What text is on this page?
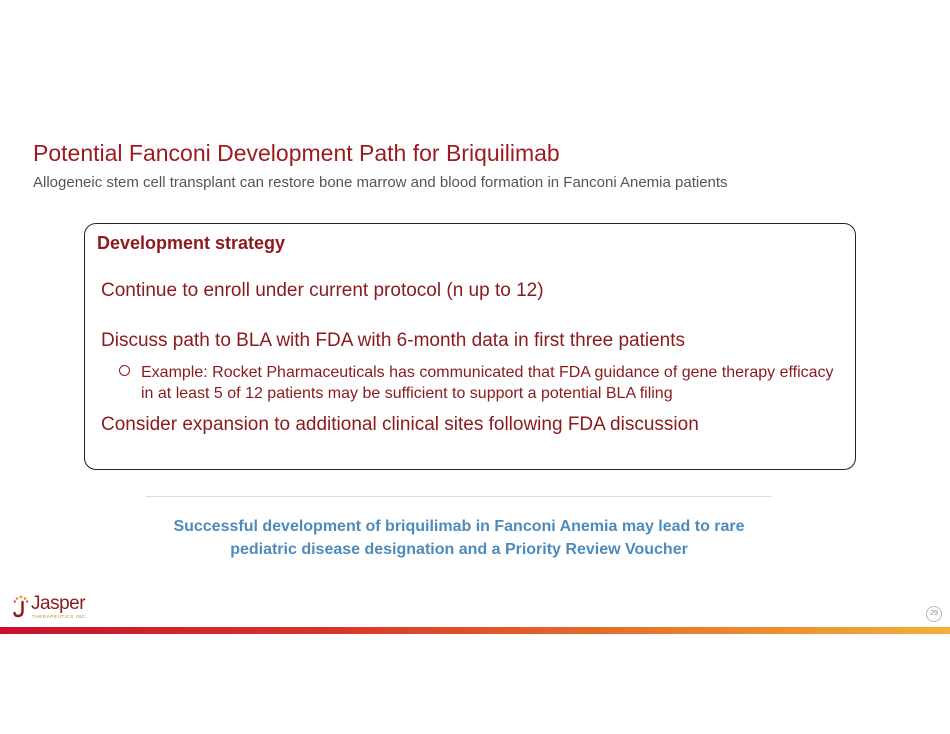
Potential Fanconi Development Path for Briquilimab
Allogeneic stem cell transplant can restore bone marrow and blood formation in Fanconi Anemia patients
Development strategy
Continue to enroll under current protocol (n up to 12)
Discuss path to BLA with FDA with 6-month data in first three patients
Example: Rocket Pharmaceuticals has communicated that FDA guidance of gene therapy efficacy in at least 5 of 12 patients may be sufficient to support a potential BLA filing
Consider expansion to additional clinical sites following FDA discussion
Successful development of briquilimab in Fanconi Anemia may lead to rare
pediatric disease designation and a Priority Review Voucher
Jasper
THERAPEUTICS INC.	29
